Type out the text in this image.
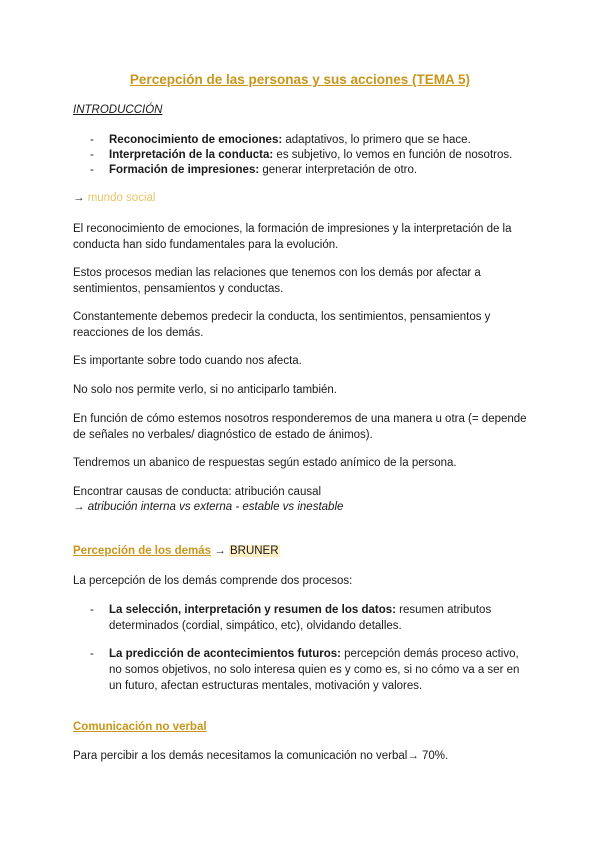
Percepción de las personas y sus acciones (TEMA 5)
INTRODUCCIÓN
- Reconocimiento de emociones: adaptativos, lo primero que se hace.
- Interpretación de la conducta: es subjetivo, lo vemos en función de nosotros.
- Formación de impresiones: generar interpretación de otro.
→ mundo social
El reconocimiento de emociones, la formación de impresiones y la interpretación de la conducta han sido fundamentales para la evolución.
Estos procesos median las relaciones que tenemos con los demás por afectar a sentimientos, pensamientos y conductas.
Constantemente debemos predecir la conducta, los sentimientos, pensamientos y reacciones de los demás.
Es importante sobre todo cuando nos afecta.
No solo nos permite verlo, si no anticiparlo también.
En función de cómo estemos nosotros responderemos de una manera u otra (= depende de señales no verbales/ diagnóstico de estado de ánimos).
Tendremos un abanico de respuestas según estado anímico de la persona.
Encontrar causas de conducta: atribución causal
→ atribución interna vs externa - estable vs inestable
Percepción de los demás → BRUNER
La percepción de los demás comprende dos procesos:
- La selección, interpretación y resumen de los datos: resumen atributos determinados (cordial, simpático, etc), olvidando detalles.
- La predicción de acontecimientos futuros: percepción demás proceso activo, no somos objetivos, no solo interesa quien es y como es, si no cómo va a ser en un futuro, afectan estructuras mentales, motivación y valores.
Comunicación no verbal
Para percibir a los demás necesitamos la comunicación no verbal→ 70%.
